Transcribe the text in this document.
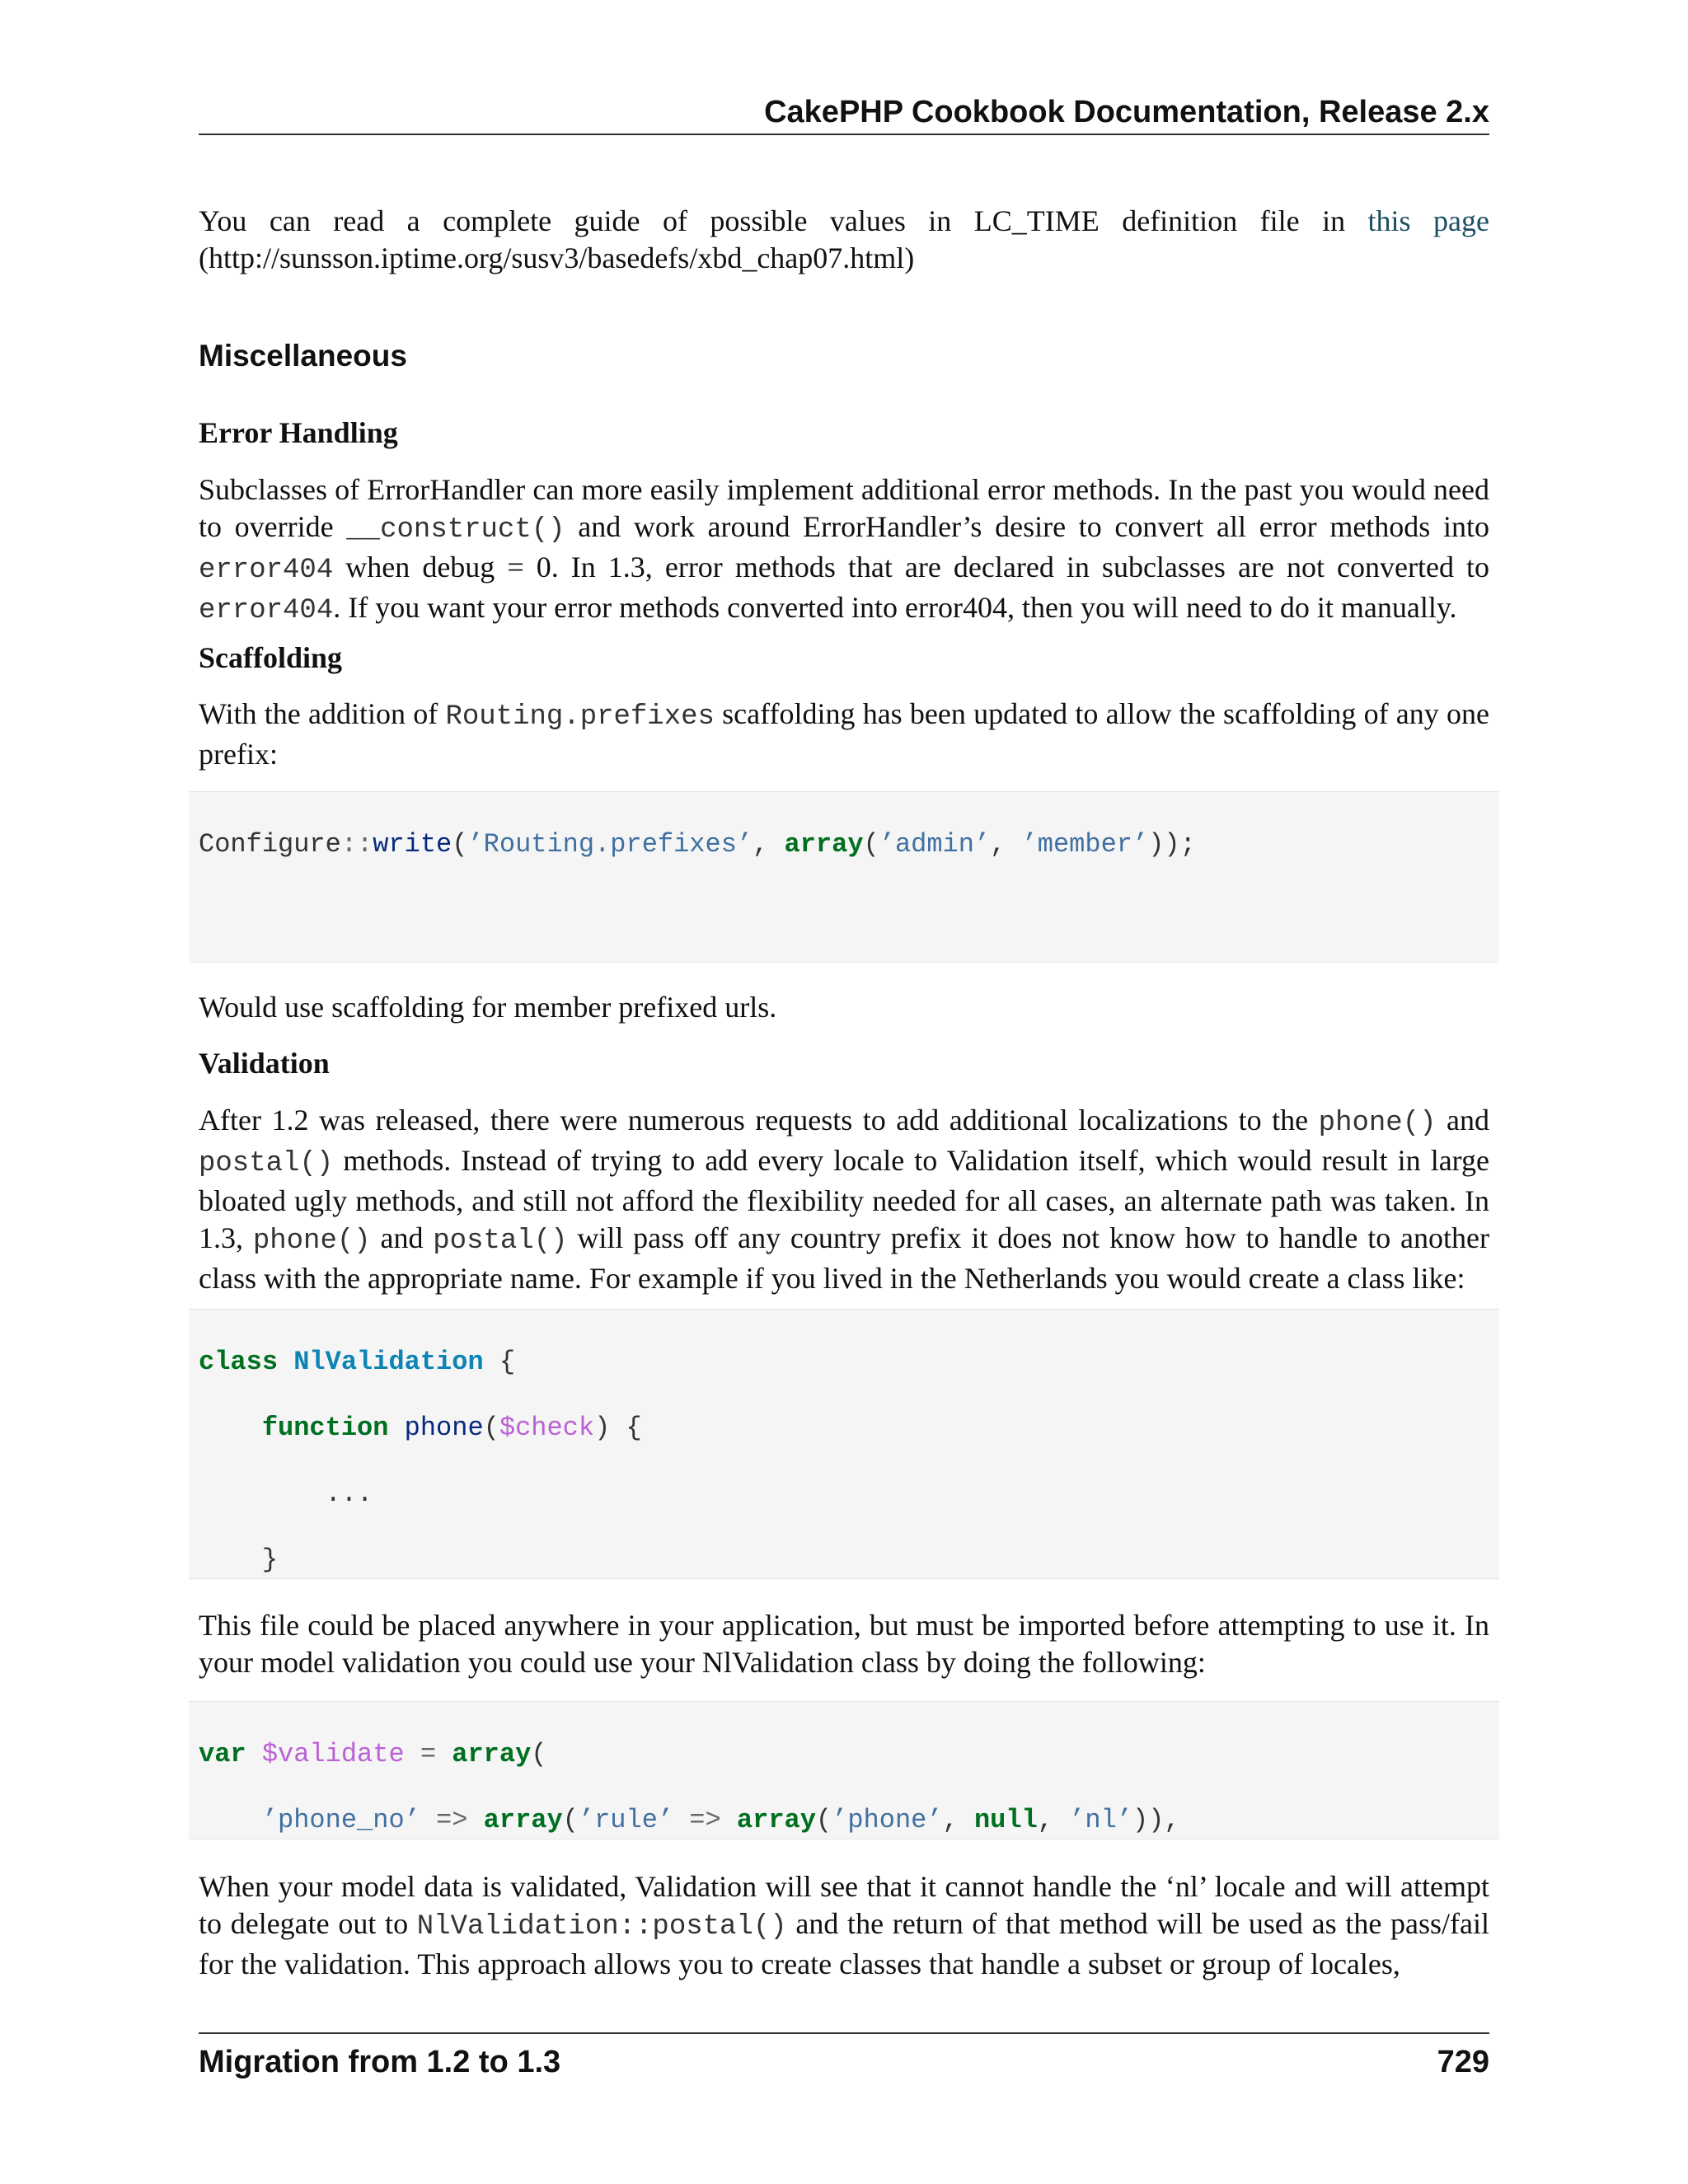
CakePHP Cookbook Documentation, Release 2.x

You can read a complete guide of possible values in LC_TIME definition file in this page (http://sunsson.iptime.org/susv3/basedefs/xbd_chap07.html)

Miscellaneous
Error Handling

Subclasses of ErrorHandler can more easily implement additional error methods. In the past you would need to override __construct() and work around ErrorHandler’s desire to convert all error methods into error404 when debug = 0. In 1.3, error methods that are declared in subclasses are not converted to error404. If you want your error methods converted into error404, then you will need to do it manually.

Scaffolding

With the addition of Routing.prefixes scaffolding has been updated to allow the scaffolding of any one prefix:

Configure::write(’Routing.prefixes’, array(’admin’, ’member’));

Would use scaffolding for member prefixed urls.

Validation

After 1.2 was released, there were numerous requests to add additional localizations to the phone() and postal() methods. Instead of trying to add every locale to Validation itself, which would result in large bloated ugly methods, and still not afford the flexibility needed for all cases, an alternate path was taken. In 1.3, phone() and postal() will pass off any country prefix it does not know how to handle to another class with the appropriate name. For example if you lived in the Netherlands you would create a class like:

class NlValidation {

function phone($check) {

...

}

This file could be placed anywhere in your application, but must be imported before attempting to use it. In your model validation you could use your NlValidation class by doing the following:

var $validate = array(

’phone_no’ => array(’rule’ => array(’phone’, null, ’nl’)),

When your model data is validated, Validation will see that it cannot handle the ‘nl’ locale and will attempt to delegate out to NlValidation::postal() and the return of that method will be used as the pass/fail for the validation. This approach allows you to create classes that handle a subset or group of locales,

Migration from 1.2 to 1.3	729
